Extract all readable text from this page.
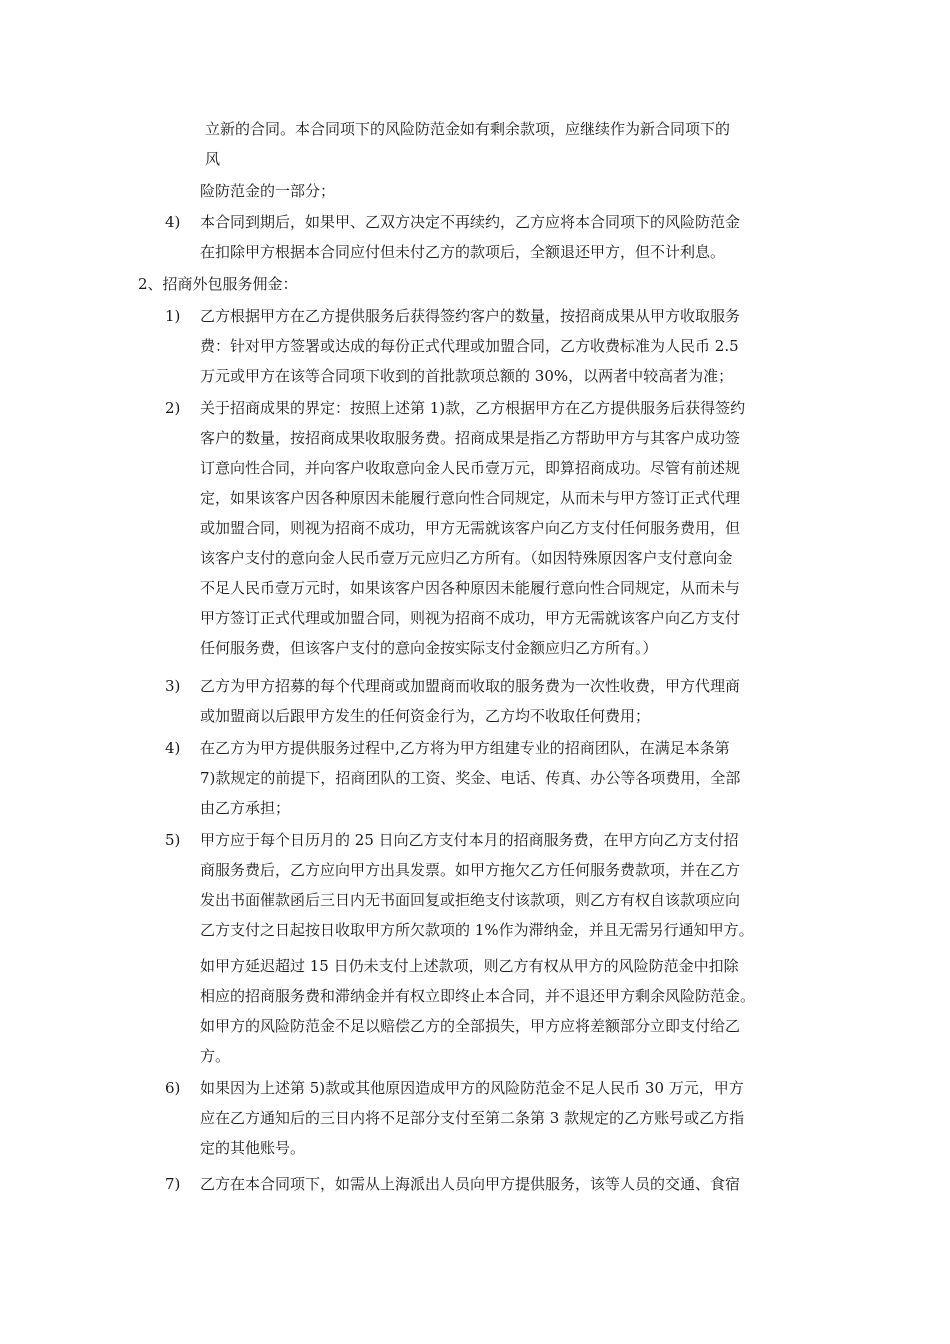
立新的合同。本合同项下的风险防范金如有剩余款项，应继续作为新合同项下的
风
险防范金的一部分；
4) 本合同到期后，如果甲、乙双方决定不再续约，乙方应将本合同项下的风险防范金
在扣除甲方根据本合同应付但未付乙方的款项后，全额退还甲方，但不计利息。
2、招商外包服务佣金：
1) 乙方根据甲方在乙方提供服务后获得签约客户的数量，按招商成果从甲方收取服务
费：针对甲方签署或达成的每份正式代理或加盟合同，乙方收费标准为人民币 2.5
万元或甲方在该等合同项下收到的首批款项总额的 30%，以两者中较高者为准；
2) 关于招商成果的界定：按照上述第 1)款，乙方根据甲方在乙方提供服务后获得签约
客户的数量，按招商成果收取服务费。招商成果是指乙方帮助甲方与其客户成功签
订意向性合同，并向客户收取意向金人民币壹万元，即算招商成功。尽管有前述规
定，如果该客户因各种原因未能履行意向性合同规定，从而未与甲方签订正式代理
或加盟合同，则视为招商不成功，甲方无需就该客户向乙方支付任何服务费用，但
该客户支付的意向金人民币壹万元应归乙方所有。（如因特殊原因客户支付意向金
不足人民币壹万元时，如果该客户因各种原因未能履行意向性合同规定，从而未与
甲方签订正式代理或加盟合同，则视为招商不成功，甲方无需就该客户向乙方支付
任何服务费，但该客户支付的意向金按实际支付金额应归乙方所有。）
3) 乙方为甲方招募的每个代理商或加盟商而收取的服务费为一次性收费，甲方代理商
或加盟商以后跟甲方发生的任何资金行为，乙方均不收取任何费用；
4) 在乙方为甲方提供服务过程中,乙方将为甲方组建专业的招商团队，在满足本条第
7)款规定的前提下，招商团队的工资、奖金、电话、传真、办公等各项费用，全部
由乙方承担；
5) 甲方应于每个日历月的 25 日向乙方支付本月的招商服务费，在甲方向乙方支付招
商服务费后，乙方应向甲方出具发票。如甲方拖欠乙方任何服务费款项，并在乙方
发出书面催款函后三日内无书面回复或拒绝支付该款项，则乙方有权自该款项应向
乙方支付之日起按日收取甲方所欠款项的 1%作为滞纳金，并且无需另行通知甲方。
如甲方延迟超过 15 日仍未支付上述款项，则乙方有权从甲方的风险防范金中扣除
相应的招商服务费和滞纳金并有权立即终止本合同，并不退还甲方剩余风险防范金。
如甲方的风险防范金不足以赔偿乙方的全部损失，甲方应将差额部分立即支付给乙
方。
6) 如果因为上述第 5)款或其他原因造成甲方的风险防范金不足人民币 30 万元，甲方
应在乙方通知后的三日内将不足部分支付至第二条第 3 款规定的乙方账号或乙方指
定的其他账号。
7) 乙方在本合同项下，如需从上海派出人员向甲方提供服务，该等人员的交通、食宿
